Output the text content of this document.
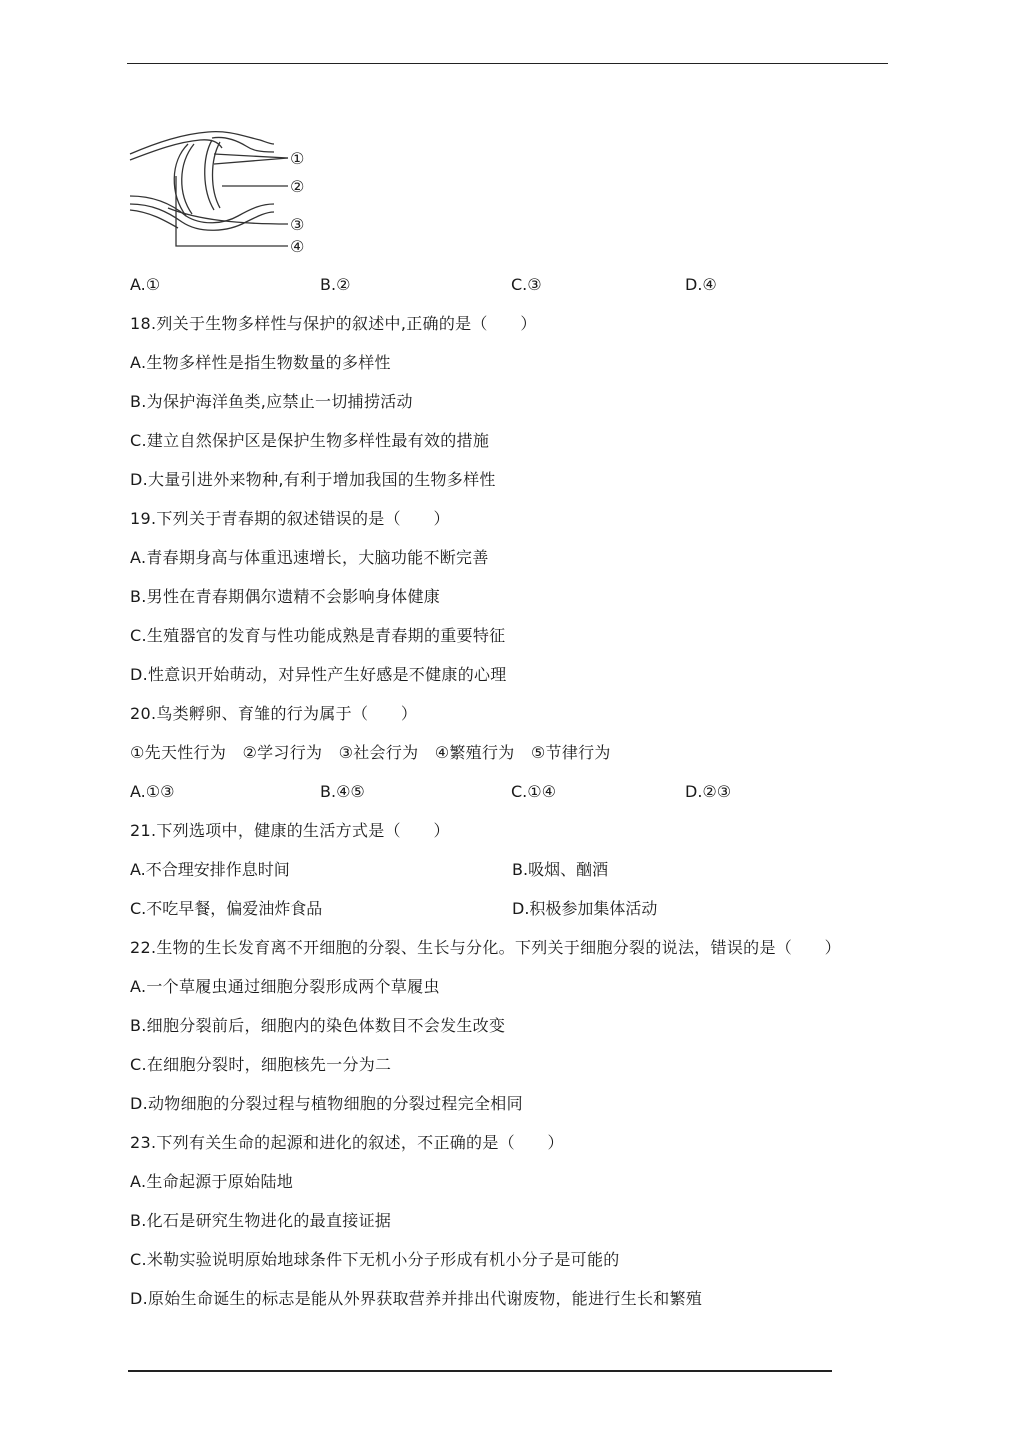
①
②
③
④
A.①	B.②	C.③	D.④
18.列关于生物多样性与保护的叙述中,正确的是（　　）
A.生物多样性是指生物数量的多样性
B.为保护海洋鱼类,应禁止一切捕捞活动
C.建立自然保护区是保护生物多样性最有效的措施
D.大量引进外来物种,有利于增加我国的生物多样性
19.下列关于青春期的叙述错误的是（　　）
A.青春期身高与体重迅速增长，大脑功能不断完善
B.男性在青春期偶尔遗精不会影响身体健康
C.生殖器官的发育与性功能成熟是青春期的重要特征
D.性意识开始萌动，对异性产生好感是不健康的心理
20.鸟类孵卵、育雏的行为属于（　　）
①先天性行为　②学习行为　③社会行为　④繁殖行为　⑤节律行为
A.①③	B.④⑤	C.①④	D.②③
21.下列选项中，健康的生活方式是（　　）
A.不合理安排作息时间	B.吸烟、酗酒
C.不吃早餐，偏爱油炸食品	D.积极参加集体活动
22.生物的生长发育离不开细胞的分裂、生长与分化。下列关于细胞分裂的说法，错误的是（　　）
A.一个草履虫通过细胞分裂形成两个草履虫
B.细胞分裂前后，细胞内的染色体数目不会发生改变
C.在细胞分裂时，细胞核先一分为二
D.动物细胞的分裂过程与植物细胞的分裂过程完全相同
23.下列有关生命的起源和进化的叙述，不正确的是（　　）
A.生命起源于原始陆地
B.化石是研究生物进化的最直接证据
C.米勒实验说明原始地球条件下无机小分子形成有机小分子是可能的
D.原始生命诞生的标志是能从外界获取营养并排出代谢废物，能进行生长和繁殖
